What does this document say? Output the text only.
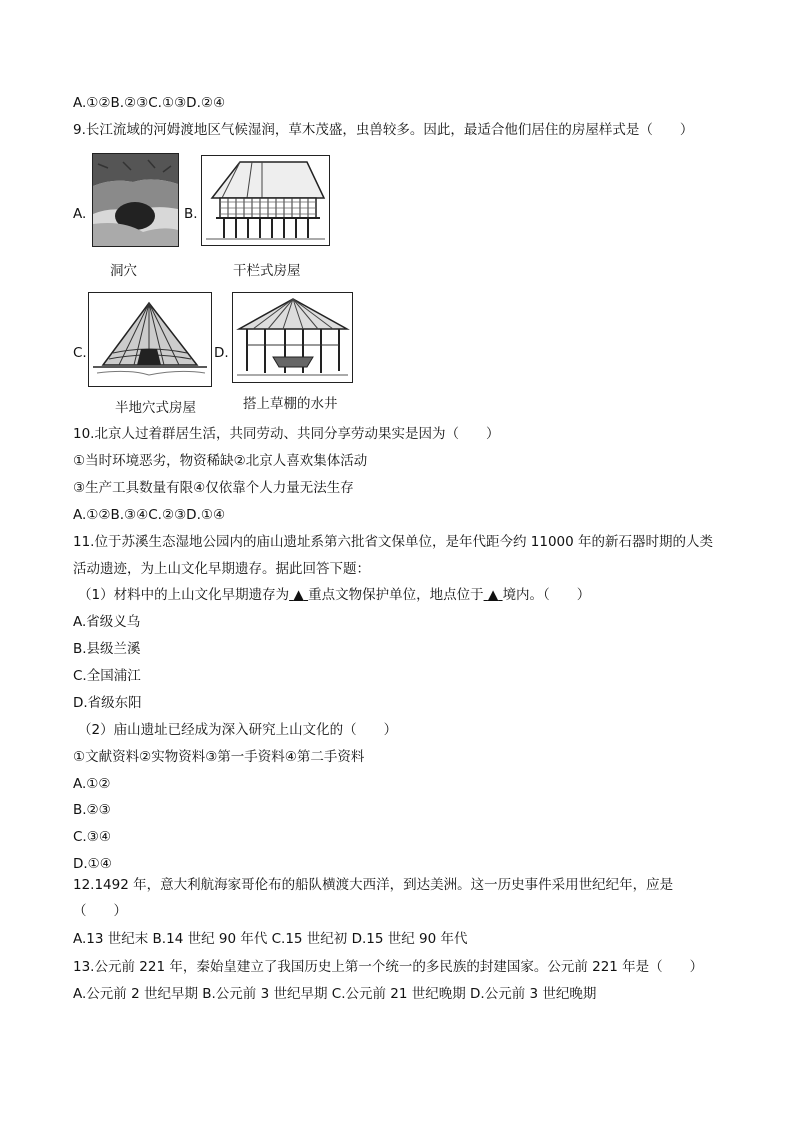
A.①②B.②③C.①③D.②④
9.长江流域的河姆渡地区气候湿润，草木茂盛，虫兽较多。因此，最适合他们居住的房屋样式是（　　）
A.
洞穴
B.
干栏式房屋
C.
半地穴式房屋
D.
搭上草棚的水井
10.北京人过着群居生活，共同劳动、共同分享劳动果实是因为（　　）
①当时环境恶劣，物资稀缺②北京人喜欢集体活动
③生产工具数量有限④仅依靠个人力量无法生存
A.①②B.③④C.②③D.①④
11.位于苏溪生态湿地公园内的庙山遗址系第六批省文保单位，是年代距今约 11000 年的新石器时期的人类
活动遗迹，为上山文化早期遗存。据此回答下题：
（1）材料中的上山文化早期遗存为 ▲ 重点文物保护单位，地点位于 ▲ 境内。（　　）
A.省级义乌
B.县级兰溪
C.全国浦江
D.省级东阳
（2）庙山遗址已经成为深入研究上山文化的（　　）
①文献资料②实物资料③第一手资料④第二手资料
A.①②
B.②③
C.③④
D.①④
12.1492 年，意大利航海家哥伦布的船队横渡大西洋，到达美洲。这一历史事件采用世纪纪年，应是
（　　）
A.13 世纪末 B.14 世纪 90 年代 C.15 世纪初 D.15 世纪 90 年代
13.公元前 221 年，秦始皇建立了我国历史上第一个统一的多民族的封建国家。公元前 221 年是（　　）
A.公元前 2 世纪早期 B.公元前 3 世纪早期 C.公元前 21 世纪晚期 D.公元前 3 世纪晚期
